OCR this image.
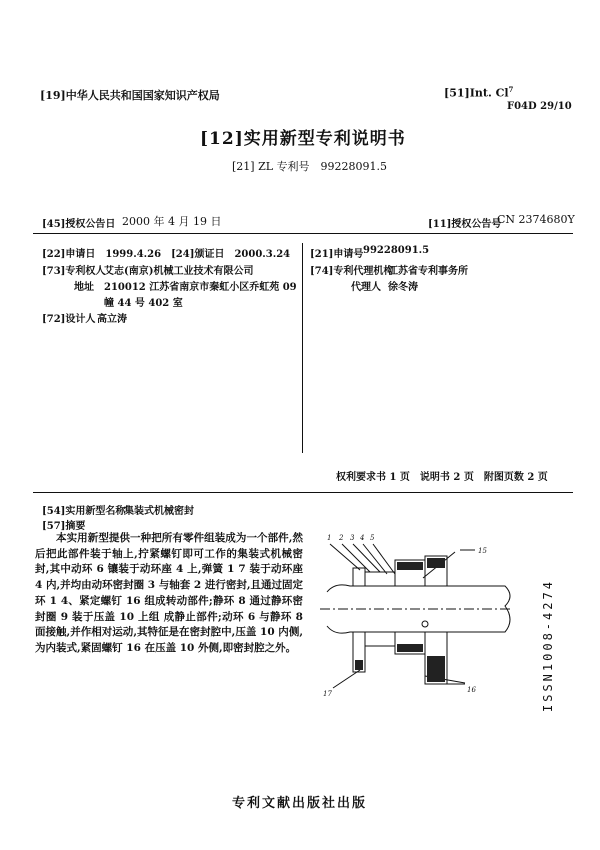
[19]中华人民共和国国家知识产权局	[51]Int. Cl$^7$
F04D 29/10
[12]实用新型专利说明书
[21] ZL 专利号　 99228091.5
[45]授权公告日 2000 年 4 月 19 日	[11]授权公告号
CN 2374680Y
[22]申请日　1999.4.26　 [24]颁证日　2000.3.24
[73]专利权人
艾志(南京)机械工业技术有限公司
地址 210012 江苏省南京市秦虹小区乔虹苑 09
幢 44 号 402 室
[72]设计人 高立涛
[21]申请号 99228091.5
[74]专利代理机构
江苏省专利事务所
代理人 徐冬涛
权利要求书 1 页　说明书 2 页　附图页数 2 页
[54]实用新型名称
集装式机械密封
[57]摘要
本实用新型提供一种把所有零件组装成为一个部件,然后把此部件装于轴上,拧紧螺钉即可工作的集装式机械密封,其中动环 6 镶装于动环座 4 上,弹簧 1 7 装于动环座 4 内,并均由动环密封圈 3 与轴套 2 进行密封,且通过固定环 1 4、紧定螺钉 16 组成转动部件;静环 8 通过静环密封圈 9 装于压盖 10 上组 成静止部件;动环 6 与静环 8 面接触,并作相对运动,其特征是在密封腔中,压盖 10 内侧,为内装式,紧固螺钉 16 在压盖 10 外侧,即密封腔之外。
1 2 3 4 5
15
17	16	ISSN1008-4274
专利文献出版社出版
